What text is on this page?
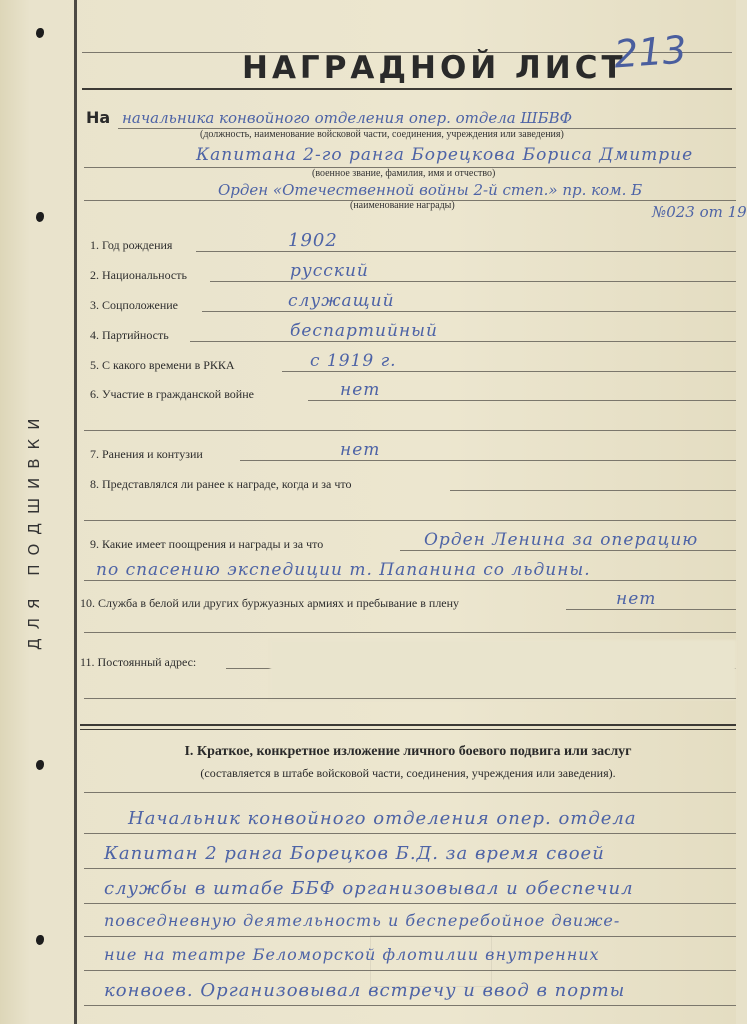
ДЛЯ ПОДШИВКИ
НАГРАДНОЙ ЛИСТ
213
На начальника конвойного отделения опер. отдела ШБВФ
(должность, наименование войсковой части, соединения, учреждения или заведения)
Капитана 2-го ранга Борецкова Бориса Дмитрие
(военное звание, фамилия, имя и отчество)
Орден «Отечественной войны 2-й степ.» пр. ком. Б
(наименование награды)	№023 от 19
1. Год рождения	1902
2. Национальность	русский
3. Соцположение	служащий
4. Партийность	беспартийный
5. С какого времени в РККА	с 1919 г.
6. Участие в гражданской войне	нет
7. Ранения и контузии	нет
8. Представлялся ли ранее к награде, когда и за что
9. Какие имеет поощрения и награды и за что	Орден Ленина за операцию
по спасению экспедиции т. Папанина со льдины.
10. Служба в белой или других буржуазных армиях и пребывание в плену	нет
11. Постоянный адрес:
I. Краткое, конкретное изложение личного боевого подвига или заслуг
(составляется в штабе войсковой части, соединения, учреждения или заведения).
Начальник конвойного отделения опер. отдела
Капитан 2 ранга Борецков Б.Д. за время своей
службы в штабе ББФ организовывал и обеспечил
повседневную деятельность и бесперебойное движе-
ние на театре Беломорской флотилии внутренних
конвоев. Организовывал встречу и ввод в порты
